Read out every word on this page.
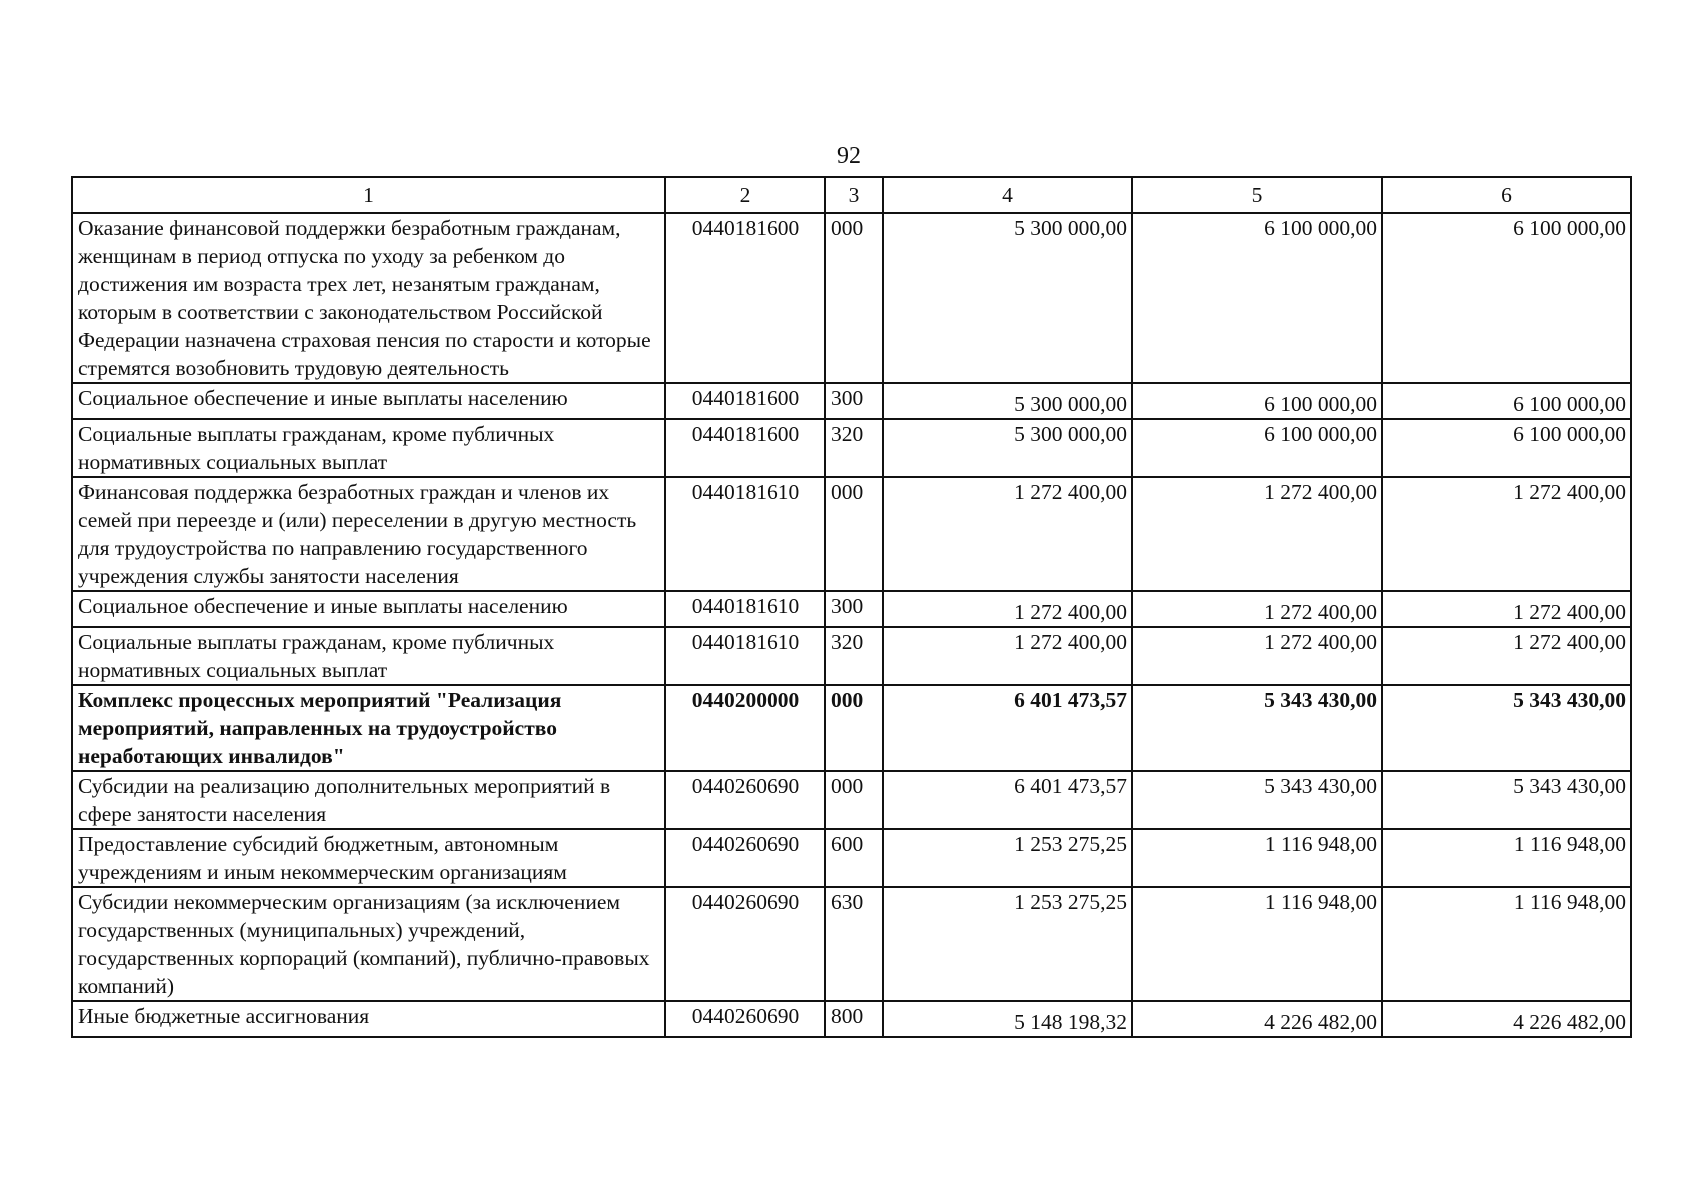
92
1	2	3	4	5	6
Оказание финансовой поддержки безработным гражданам, женщинам в период отпуска по уходу за ребенком до достижения им возраста трех лет, незанятым гражданам, которым в соответствии с законодательством Российской Федерации назначена страховая пенсия по старости и которые стремятся возобновить трудовую деятельность	0440181600	000	5 300 000,00	6 100 000,00	6 100 000,00
Социальное обеспечение и иные выплаты населению	0440181600	300	5 300 000,00	6 100 000,00	6 100 000,00
Социальные выплаты гражданам, кроме публичных нормативных социальных выплат	0440181600	320	5 300 000,00	6 100 000,00	6 100 000,00
Финансовая поддержка безработных граждан и членов их семей при переезде и (или) переселении в другую местность для трудоустройства по направлению государственного учреждения службы занятости населения	0440181610	000	1 272 400,00	1 272 400,00	1 272 400,00
Социальное обеспечение и иные выплаты населению	0440181610	300	1 272 400,00	1 272 400,00	1 272 400,00
Социальные выплаты гражданам, кроме публичных нормативных социальных выплат	0440181610	320	1 272 400,00	1 272 400,00	1 272 400,00
Комплекс процессных мероприятий "Реализация мероприятий, направленных на трудоустройство неработающих инвалидов"	0440200000	000	6 401 473,57	5 343 430,00	5 343 430,00
Субсидии на реализацию дополнительных мероприятий в сфере занятости населения	0440260690	000	6 401 473,57	5 343 430,00	5 343 430,00
Предоставление субсидий бюджетным, автономным учреждениям и иным некоммерческим организациям	0440260690	600	1 253 275,25	1 116 948,00	1 116 948,00
Субсидии некоммерческим организациям (за исключением государственных (муниципальных) учреждений, государственных корпораций (компаний), публично-правовых компаний)	0440260690	630	1 253 275,25	1 116 948,00	1 116 948,00
Иные бюджетные ассигнования	0440260690	800	5 148 198,32	4 226 482,00	4 226 482,00
